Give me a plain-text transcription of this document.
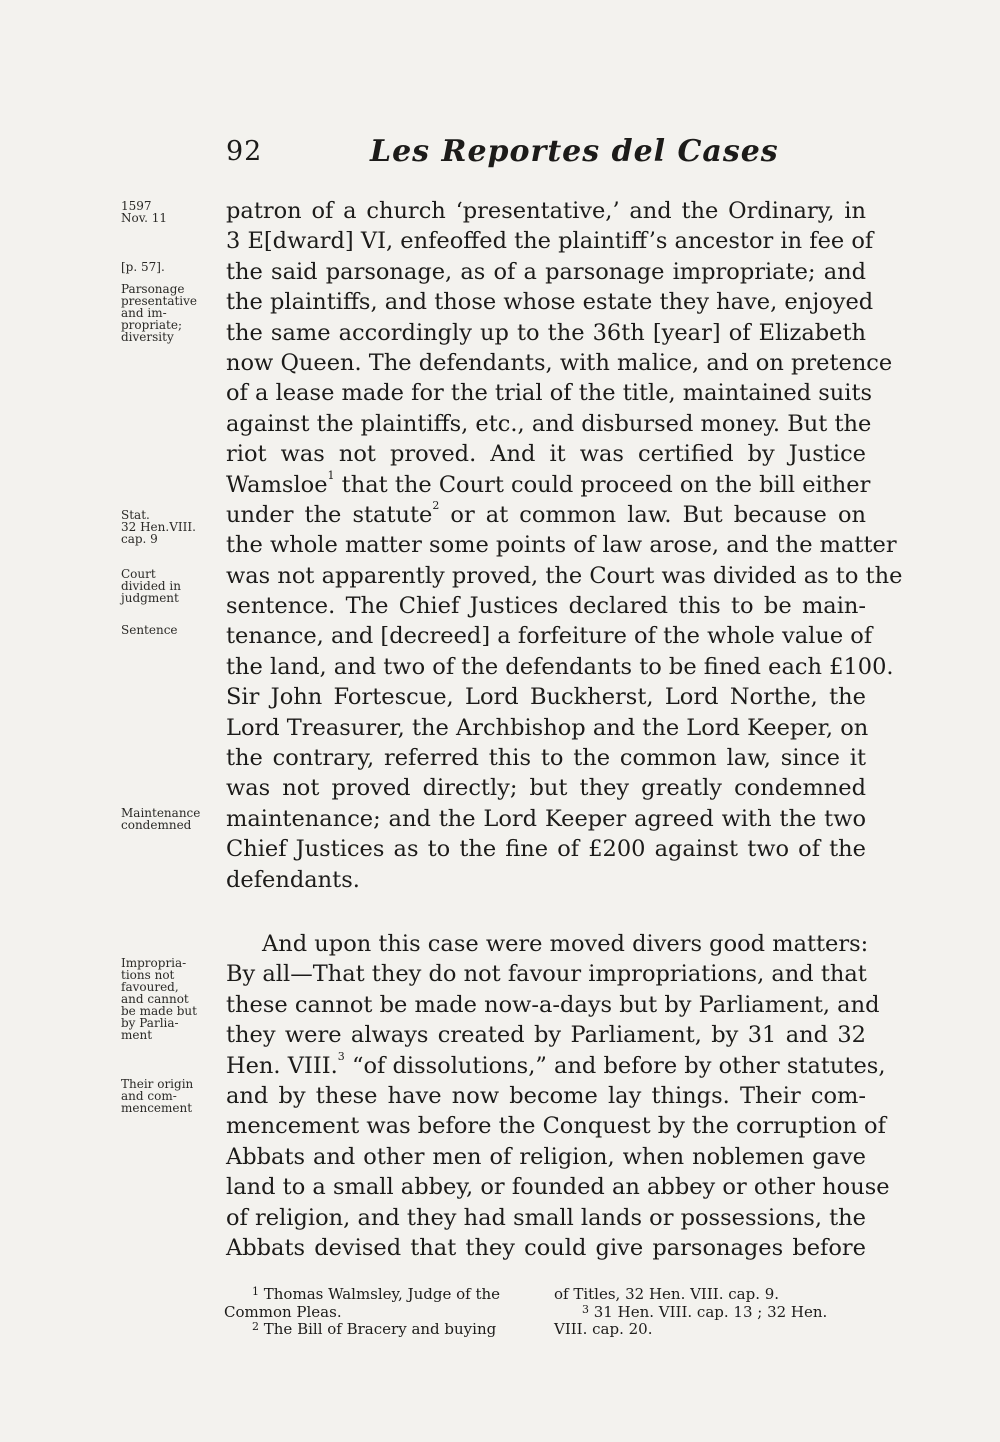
92	Les Reportes del Cases
1597
Nov. 11
[p. 57].
Parsonage
presentative
and im-
propriate;
diversity
Stat.
32 Hen.VIII.
cap. 9
Court
divided in
judgment
Sentence
Maintenance
condemned
Impropria-
tions not
favoured,
and cannot
be made but
by Parlia-
ment
Their origin
and com-
mencement
patron of a church ‘presentative,’ and the Ordinary, in
3 E[dward] VI, enfeoffed the plaintiff’s ancestor in fee of
the said parsonage, as of a parsonage impropriate; and
the plaintiffs, and those whose estate they have, enjoyed
the same accordingly up to the 36th [year] of Elizabeth
now Queen. The defendants, with malice, and on pretence
of a lease made for the trial of the title, maintained suits
against the plaintiffs, etc., and disbursed money. But the
riot was not proved. And it was certified by Justice
Wamsloe$^1$ that the Court could proceed on the bill either
under the statute$^2$ or at common law. But because on
the whole matter some points of law arose, and the matter
was not apparently proved, the Court was divided as to the
sentence. The Chief Justices declared this to be main-
tenance, and [decreed] a forfeiture of the whole value of
the land, and two of the defendants to be fined each £100.
Sir John Fortescue, Lord Buckherst, Lord Northe, the
Lord Treasurer, the Archbishop and the Lord Keeper, on
the contrary, referred this to the common law, since it
was not proved directly; but they greatly condemned
maintenance; and the Lord Keeper agreed with the two
Chief Justices as to the fine of £200 against two of the
defendants.
And upon this case were moved divers good matters:
By all—That they do not favour impropriations, and that
these cannot be made now-a-days but by Parliament, and
they were always created by Parliament, by 31 and 32
Hen. VIII.$^3$ “of dissolutions,” and before by other statutes,
and by these have now become lay things. Their com-
mencement was before the Conquest by the corruption of
Abbats and other men of religion, when noblemen gave
land to a small abbey, or founded an abbey or other house
of religion, and they had small lands or possessions, the
Abbats devised that they could give parsonages before
$^1$ Thomas Walmsley, Judge of the
Common Pleas.
$^2$ The Bill of Bracery and buying
of Titles, 32 Hen. VIII. cap. 9.
$^3$ 31 Hen. VIII. cap. 13 ; 32 Hen.
VIII. cap. 20.
